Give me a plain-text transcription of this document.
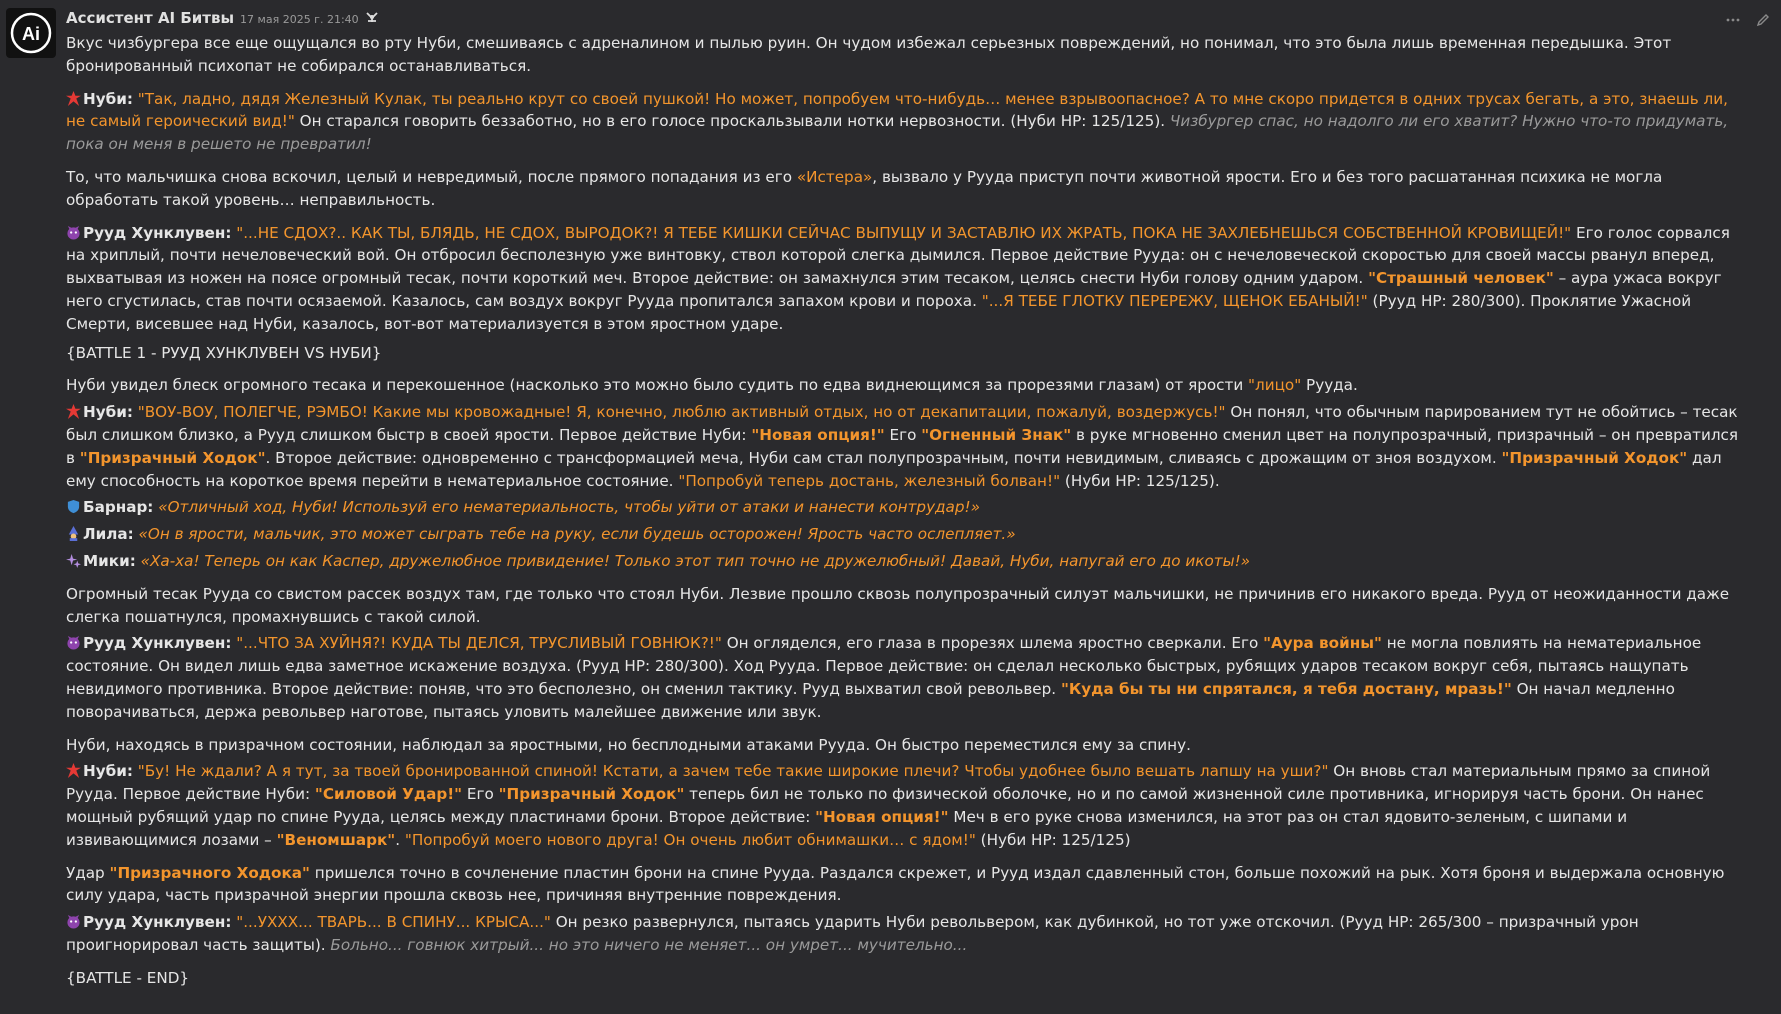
Ai
Ассистент AI Битвы 17 мая 2025 г. 21:40

Вкус чизбургера все еще ощущался во рту Нуби, смешиваясь с адреналином и пылью руин. Он чудом избежал серьезных повреждений, но понимал, что это была лишь временная передышка. Этот бронированный психопат не собирался останавливаться.

Нуби: "Так, ладно, дядя Железный Кулак, ты реально крут со своей пушкой! Но может, попробуем что-нибудь… менее взрывоопасное? А то мне скоро придется в одних трусах бегать, а это, знаешь ли, не самый героический вид!" Он старался говорить беззаботно, но в его голосе проскальзывали нотки нервозности. (Нуби HP: 125/125). Чизбургер спас, но надолго ли его хватит? Нужно что-то придумать, пока он меня в решето не превратил!

То, что мальчишка снова вскочил, целый и невредимый, после прямого попадания из его «Истера», вызвало у Рууда приступ почти животной ярости. Его и без того расшатанная психика не могла обработать такой уровень… неправильность.

Рууд Хунклувен: "...НЕ СДОХ?.. КАК ТЫ, БЛЯДЬ, НЕ СДОХ, ВЫРОДОК?! Я ТЕБЕ КИШКИ СЕЙЧАС ВЫПУЩУ И ЗАСТАВЛЮ ИХ ЖРАТЬ, ПОКА НЕ ЗАХЛЕБНЕШЬСЯ СОБСТВЕННОЙ КРОВИЩЕЙ!" Его голос сорвался на хриплый, почти нечеловеческий вой. Он отбросил бесполезную уже винтовку, ствол которой слегка дымился. Первое действие Рууда: он с нечеловеческой скоростью для своей массы рванул вперед, выхватывая из ножен на поясе огромный тесак, почти короткий меч. Второе действие: он замахнулся этим тесаком, целясь снести Нуби голову одним ударом. "Страшный человек" – аура ужаса вокруг него сгустилась, став почти осязаемой. Казалось, сам воздух вокруг Рууда пропитался запахом крови и пороха. "...Я ТЕБЕ ГЛОТКУ ПЕРЕРЕЖУ, ЩЕНОК ЕБАНЫЙ!" (Рууд HP: 280/300). Проклятие Ужасной Смерти, висевшее над Нуби, казалось, вот-вот материализуется в этом яростном ударе.

{BATTLE 1 - РУУД ХУНКЛУВЕН VS НУБИ}

Нуби увидел блеск огромного тесака и перекошенное (насколько это можно было судить по едва виднеющимся за прорезями глазам) от ярости "лицо" Рууда.

Нуби: "ВОУ-ВОУ, ПОЛЕГЧЕ, РЭМБО! Какие мы кровожадные! Я, конечно, люблю активный отдых, но от декапитации, пожалуй, воздержусь!" Он понял, что обычным парированием тут не обойтись – тесак был слишком близко, а Рууд слишком быстр в своей ярости. Первое действие Нуби: "Новая опция!" Его "Огненный Знак" в руке мгновенно сменил цвет на полупрозрачный, призрачный – он превратился в "Призрачный Ходок". Второе действие: одновременно с трансформацией меча, Нуби сам стал полупрозрачным, почти невидимым, сливаясь с дрожащим от зноя воздухом. "Призрачный Ходок" дал ему способность на короткое время перейти в нематериальное состояние. "Попробуй теперь достань, железный болван!" (Нуби HP: 125/125).

Барнар: «Отличный ход, Нуби! Используй его нематериальность, чтобы уйти от атаки и нанести контрудар!»

Лила: «Он в ярости, мальчик, это может сыграть тебе на руку, если будешь осторожен! Ярость часто ослепляет.»

Мики: «Ха-ха! Теперь он как Каспер, дружелюбное привидение! Только этот тип точно не дружелюбный! Давай, Нуби, напугай его до икоты!»

Огромный тесак Рууда со свистом рассек воздух там, где только что стоял Нуби. Лезвие прошло сквозь полупрозрачный силуэт мальчишки, не причинив его никакого вреда. Рууд от неожиданности даже слегка пошатнулся, промахнувшись с такой силой.

Рууд Хунклувен: "...ЧТО ЗА ХУЙНЯ?! КУДА ТЫ ДЕЛСЯ, ТРУСЛИВЫЙ ГОВНЮК?!" Он огляделся, его глаза в прорезях шлема яростно сверкали. Его "Аура войны" не могла повлиять на нематериальное состояние. Он видел лишь едва заметное искажение воздуха. (Рууд HP: 280/300). Ход Рууда. Первое действие: он сделал несколько быстрых, рубящих ударов тесаком вокруг себя, пытаясь нащупать невидимого противника. Второе действие: поняв, что это бесполезно, он сменил тактику. Рууд выхватил свой револьвер. "Куда бы ты ни спрятался, я тебя достану, мразь!" Он начал медленно поворачиваться, держа револьвер наготове, пытаясь уловить малейшее движение или звук.

Нуби, находясь в призрачном состоянии, наблюдал за яростными, но бесплодными атаками Рууда. Он быстро переместился ему за спину.

Нуби: "Бу! Не ждали? А я тут, за твоей бронированной спиной! Кстати, а зачем тебе такие широкие плечи? Чтобы удобнее было вешать лапшу на уши?" Он вновь стал материальным прямо за спиной Рууда. Первое действие Нуби: "Силовой Удар!" Его "Призрачный Ходок" теперь бил не только по физической оболочке, но и по самой жизненной силе противника, игнорируя часть брони. Он нанес мощный рубящий удар по спине Рууда, целясь между пластинами брони. Второе действие: "Новая опция!" Меч в его руке снова изменился, на этот раз он стал ядовито-зеленым, с шипами и извивающимися лозами – "Веномшарк". "Попробуй моего нового друга! Он очень любит обнимашки… с ядом!" (Нуби HP: 125/125)

Удар "Призрачного Ходока" пришелся точно в сочленение пластин брони на спине Рууда. Раздался скрежет, и Рууд издал сдавленный стон, больше похожий на рык. Хотя броня и выдержала основную силу удара, часть призрачной энергии прошла сквозь нее, причиняя внутренние повреждения.

Рууд Хунклувен: "...УХХХ... ТВАРЬ... В СПИНУ... КРЫСА..." Он резко развернулся, пытаясь ударить Нуби револьвером, как дубинкой, но тот уже отскочил. (Рууд HP: 265/300 – призрачный урон проигнорировал часть защиты). Больно... говнюк хитрый... но это ничего не меняет... он умрет... мучительно...

{BATTLE - END}
